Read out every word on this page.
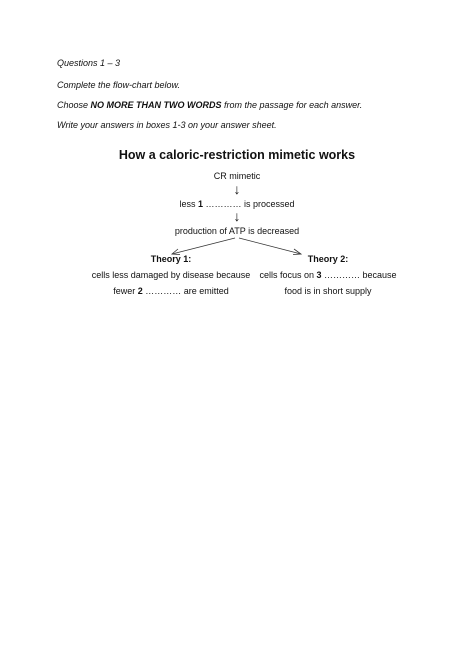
Questions 1 – 3

Complete the flow-chart below.

Choose NO MORE THAN TWO WORDS from the passage for each answer.

Write your answers in boxes 1-3 on your answer sheet.

How a caloric-restriction mimetic works
CR mimetic
↓
less 1 ………… is processed
↓
production of ATP is decreased
Theory 1:
cells less damaged by disease because
fewer 2 ………… are emitted
Theory 2:
cells focus on 3 ………… because
food is in short supply
